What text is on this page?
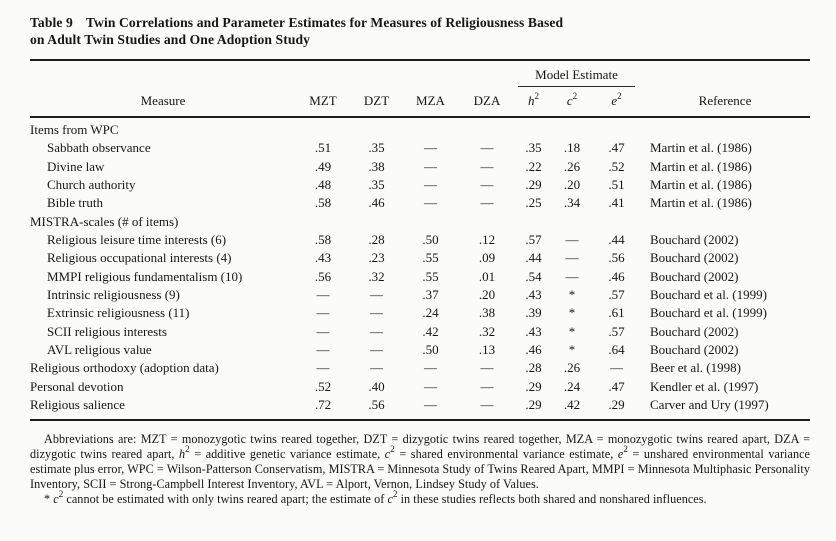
Table 9 Twin Correlations and Parameter Estimates for Measures of Religiousness Based
on Adult Twin Studies and One Adoption Study
Model Estimate
Measure	MZT	DZT	MZA	DZA	$h^2$	$c^2$	$e^2$	Reference
Items from WPC
Sabbath observance	.51	.35	—	—	.35	.18	.47	Martin et al. (1986)
Divine law	.49	.38	—	—	.22	.26	.52	Martin et al. (1986)
Church authority	.48	.35	—	—	.29	.20	.51	Martin et al. (1986)
Bible truth	.58	.46	—	—	.25	.34	.41	Martin et al. (1986)
MISTRA-scales (# of items)
Religious leisure time interests (6)	.58	.28	.50	.12	.57	—	.44	Bouchard (2002)
Religious occupational interests (4)	.43	.23	.55	.09	.44	—	.56	Bouchard (2002)
MMPI religious fundamentalism (10)	.56	.32	.55	.01	.54	—	.46	Bouchard (2002)
Intrinsic religiousness (9)	—	—	.37	.20	.43	*	.57	Bouchard et al. (1999)
Extrinsic religiousness (11)	—	—	.24	.38	.39	*	.61	Bouchard et al. (1999)
SCII religious interests	—	—	.42	.32	.43	*	.57	Bouchard (2002)
AVL religious value	—	—	.50	.13	.46	*	.64	Bouchard (2002)
Religious orthodoxy (adoption data)	—	—	—	—	.28	.26	—	Beer et al. (1998)
Personal devotion	.52	.40	—	—	.29	.24	.47	Kendler et al. (1997)
Religious salience	.72	.56	—	—	.29	.42	.29	Carver and Ury (1997)

Abbreviations are: MZT = monozygotic twins reared together, DZT = dizygotic twins reared together, MZA = monozygotic twins reared apart, DZA = dizygotic twins reared apart, $h^2$ = additive genetic variance estimate, $c^2$ = shared environmental variance estimate, $e^2$ = unshared environmental variance estimate plus error, WPC = Wilson-Patterson Conservatism, MISTRA = Minnesota Study of Twins Reared Apart, MMPI = Minnesota Multiphasic Personality Inventory, SCII = Strong-Campbell Interest Inventory, AVL = Alport, Vernon, Lindsey Study of Values.

* $c^2$ cannot be estimated with only twins reared apart; the estimate of $c^2$ in these studies reflects both shared and nonshared influences.
